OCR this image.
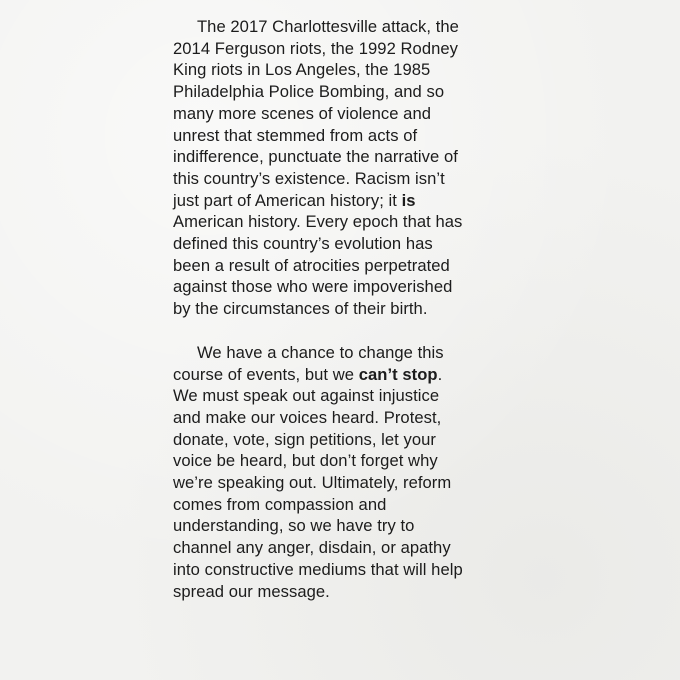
The 2017 Charlottesville attack, the
2014 Ferguson riots, the 1992 Rodney
King riots in Los Angeles, the 1985
Philadelphia Police Bombing, and so
many more scenes of violence and
unrest that stemmed from acts of
indifference, punctuate the narrative of
this country’s existence. Racism isn’t
just part of American history; it is
American history. Every epoch that has
defined this country’s evolution has
been a result of atrocities perpetrated
against those who were impoverished
by the circumstances of their birth.
We have a chance to change this
course of events, but we can’t stop.
We must speak out against injustice
and make our voices heard. Protest,
donate, vote, sign petitions, let your
voice be heard, but don’t forget why
we’re speaking out. Ultimately, reform
comes from compassion and
understanding, so we have try to
channel any anger, disdain, or apathy
into constructive mediums that will help
spread our message.
